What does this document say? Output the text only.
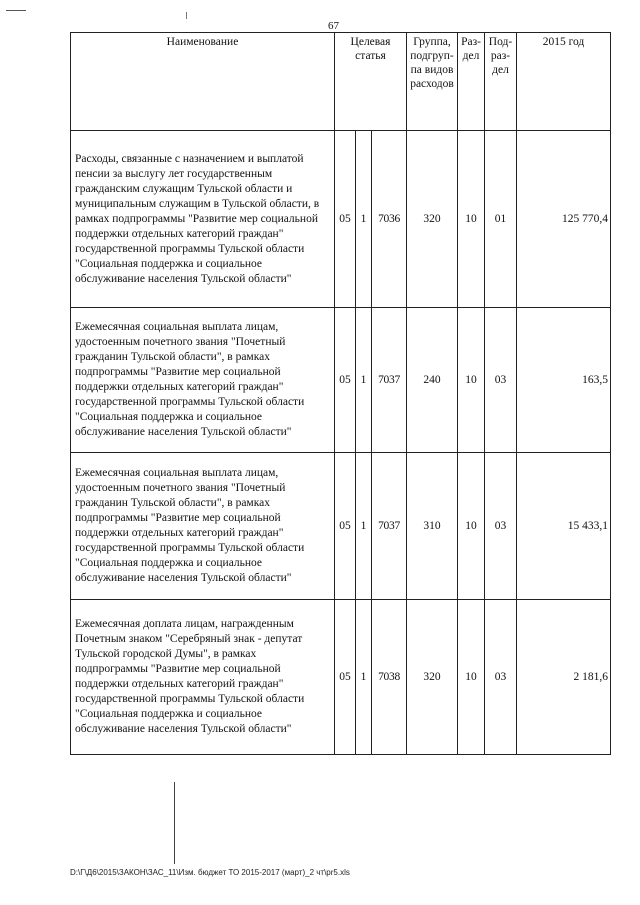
67
Наименование	Целевая статья			Группа, подгруп- па видов расходов	Раз- дел	Под- раз- дел	2015 год
Расходы, связанные с назначением и выплатой пенсии за выслугу лет государственным гражданским служащим Тульской области и муниципальным служащим в Тульской области, в рамках подпрограммы "Развитие мер социальной поддержки отдельных категорий граждан" государственной программы Тульской области "Социальная поддержка и социальное обслуживание населения Тульской области"	05	1	7036	320	10	01	125 770,4
Ежемесячная социальная выплата лицам, удостоенным почетного звания "Почетный гражданин Тульской области", в рамках подпрограммы "Развитие мер социальной поддержки отдельных категорий граждан" государственной программы Тульской области "Социальная поддержка и социальное обслуживание населения Тульской области"	05	1	7037	240	10	03	163,5
Ежемесячная социальная выплата лицам, удостоенным почетного звания "Почетный гражданин Тульской области", в рамках подпрограммы "Развитие мер социальной поддержки отдельных категорий граждан" государственной программы Тульской области "Социальная поддержка и социальное обслуживание населения Тульской области"	05	1	7037	310	10	03	15 433,1
Ежемесячная доплата лицам, награжденным Почетным знаком "Серебряный знак - депутат Тульской городской Думы", в рамках подпрограммы "Развитие мер социальной поддержки отдельных категорий граждан" государственной программы Тульской области "Социальная поддержка и социальное обслуживание населения Тульской области"	05	1	7038	320	10	03	2 181,6
D:\Г\Д6\2015\ЗАКОН\ЗАС_11\Изм. бюджет ТО 2015-2017 (март)_2 чт\pr5.xls
